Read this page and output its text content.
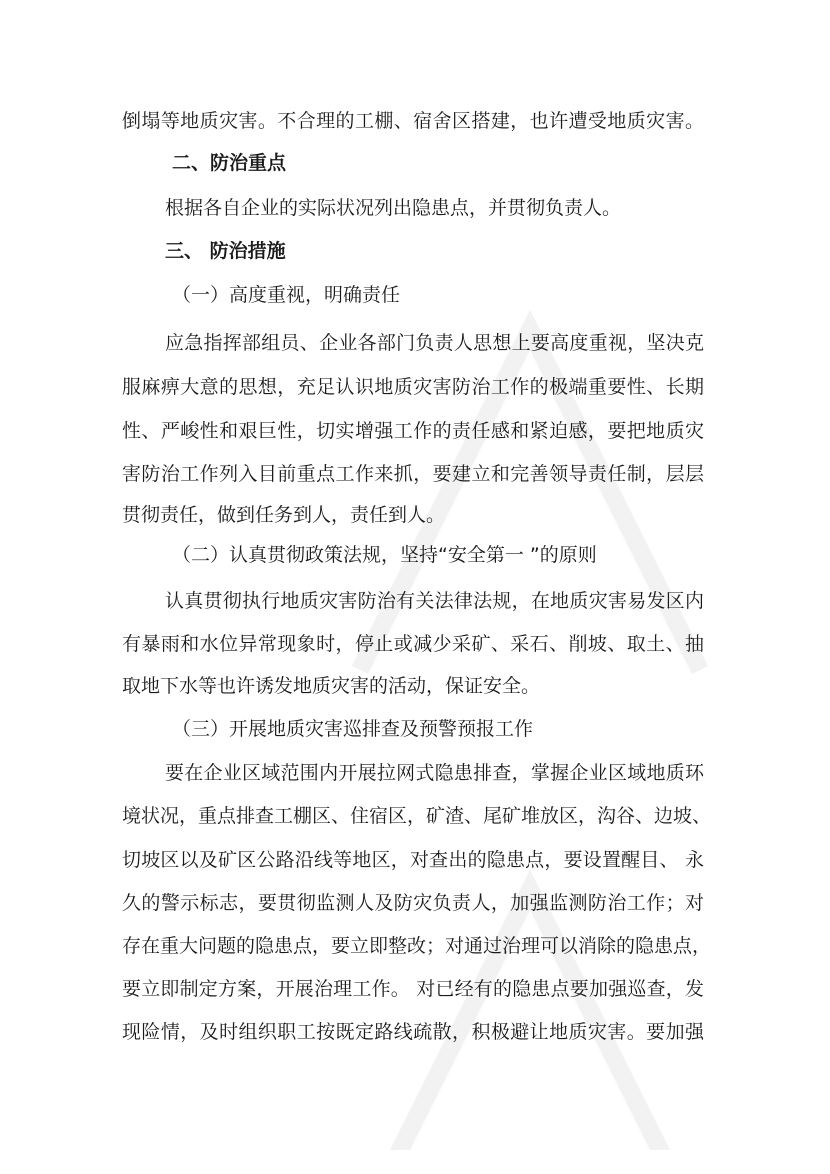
倒塌等地质灾害。不合理的工棚、宿舍区搭建，也许遭受地质灾害。
二、防治重点
根据各自企业的实际状况列出隐患点，并贯彻负责人。
三、 防治措施
（一）高度重视，明确责任
应急指挥部组员、企业各部门负责人思想上要高度重视，坚决克
服麻痹大意的思想，充足认识地质灾害防治工作的极端重要性、长期
性、严峻性和艰巨性，切实增强工作的责任感和紧迫感，要把地质灾
害防治工作列入目前重点工作来抓，要建立和完善领导责任制，层层
贯彻责任，做到任务到人，责任到人。
（二）认真贯彻政策法规，坚持“安全第一 ”的原则
认真贯彻执行地质灾害防治有关法律法规，在地质灾害易发区内
有暴雨和水位异常现象时，停止或减少采矿、采石、削坡、取土、抽
取地下水等也许诱发地质灾害的活动，保证安全。
（三）开展地质灾害巡排查及预警预报工作
要在企业区域范围内开展拉网式隐患排查，掌握企业区域地质环
境状况，重点排查工棚区、住宿区，矿渣、尾矿堆放区，沟谷、边坡、
切坡区以及矿区公路沿线等地区，对查出的隐患点，要设置醒目、 永
久的警示标志，要贯彻监测人及防灾负责人，加强监测防治工作；对
存在重大问题的隐患点，要立即整改；对通过治理可以消除的隐患点，
要立即制定方案，开展治理工作。 对已经有的隐患点要加强巡查，发
现险情，及时组织职工按既定路线疏散，积极避让地质灾害。要加强
